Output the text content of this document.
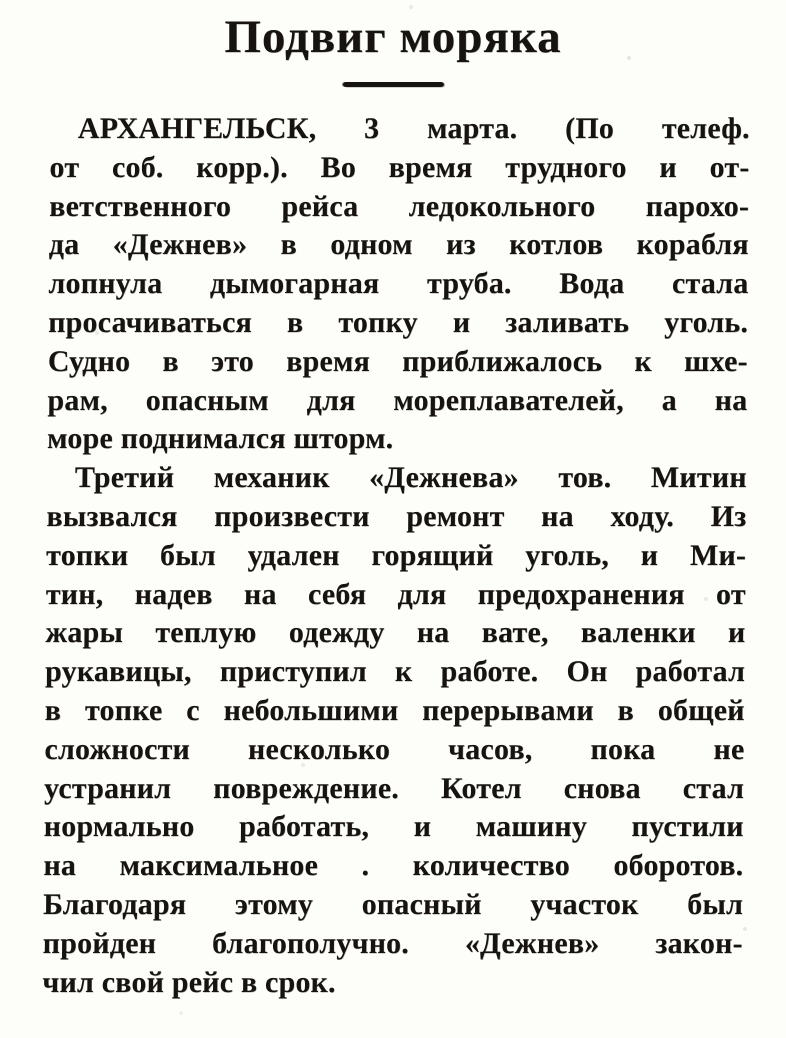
Подвиг моряка
АРХАНГЕЛЬСК, 3 марта. (По телеф.
от соб. корр.). Во время трудного и от-
ветственного рейса ледокольного парохо-
да «Дежнев» в одном из котлов корабля
лопнула дымогарная труба. Вода стала
просачиваться в топку и заливать уголь.
Судно в это время приближалось к шхе-
рам, опасным для мореплавателей, а на
море поднимался шторм.
Третий механик «Дежнева» тов. Митин
вызвался произвести ремонт на ходу. Из
топки был удален горящий уголь, и Ми-
тин, надев на себя для предохранения от
жары теплую одежду на вате, валенки и
рукавицы, приступил к работе. Он работал
в топке с небольшими перерывами в общей
сложности несколько часов, пока не
устранил повреждение. Котел снова стал
нормально работать, и машину пустили
на максимальное . количество оборотов.
Благодаря этому опасный участок был
пройден благополучно. «Дежнев» закон-
чил свой рейс в срок.
